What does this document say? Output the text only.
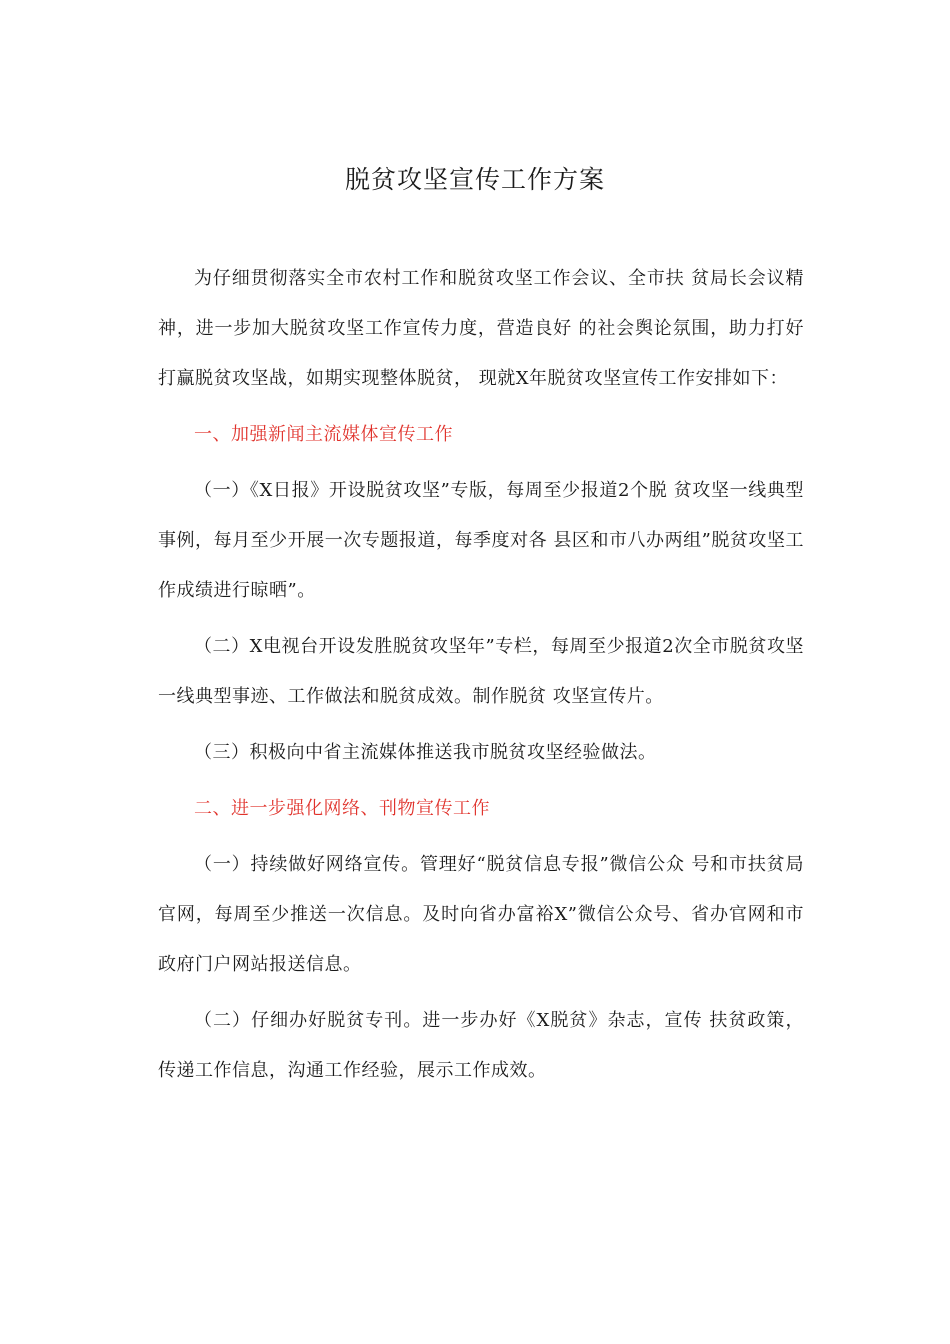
脱贫攻坚宣传工作方案

为仔细贯彻落实全市农村工作和脱贫攻坚工作会议、全市扶 贫局长会议精神，进一步加大脱贫攻坚工作宣传力度，营造良好 的社会舆论氛围，助力打好打赢脱贫攻坚战，如期实现整体脱贫， 现就X年脱贫攻坚宣传工作安排如下：

一、加强新闻主流媒体宣传工作

（一）《X日报》开设脱贫攻坚”专版，每周至少报道2个脱 贫攻坚一线典型事例，每月至少开展一次专题报道，每季度对各 县区和市八办两组”脱贫攻坚工作成绩进行晾晒”。

（二）X电视台开设发胜脱贫攻坚年”专栏，每周至少报道2次全市脱贫攻坚一线典型事迹、工作做法和脱贫成效。制作脱贫 攻坚宣传片。

（三）积极向中省主流媒体推送我市脱贫攻坚经验做法。

二、进一步强化网络、刊物宣传工作

（一）持续做好网络宣传。管理好“脱贫信息专报”微信公众 号和市扶贫局官网，每周至少推送一次信息。及时向省办富裕X”微信公众号、省办官网和市政府门户网站报送信息。

（二）仔细办好脱贫专刊。进一步办好《X脱贫》杂志，宣传 扶贫政策，传递工作信息，沟通工作经验，展示工作成效。
